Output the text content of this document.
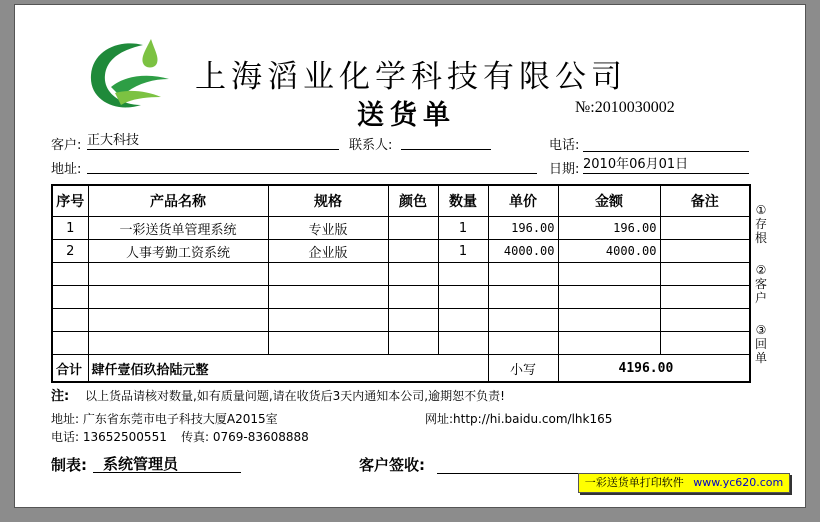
上海滔业化学科技有限公司
送货单	№:2010030002
客户: 正大科技	联系人:	电话:
地址:	日期: 2010年06月01日
序号	产品名称	规格	颜色	数量	单价	金额	备注
1	一彩送货单管理系统	专业版		1	196.00	196.00	
2	人事考勤工资系统	企业版		1	4000.00	4000.00	

合计	肆仟壹佰玖拾陆元整				小写	4196.00	
①
存根
②
客户
③
回单
注: 以上货品请核对数量,如有质量问题,请在收货后3天内通知本公司,逾期恕不负责!
地址: 广东省东莞市电子科技大厦A2015室	网址:http://hi.baidu.com/lhk165
电话: 13652500551 传真: 0769-83608888
制表:	系统管理员	客户签收:
一彩送货单打印软件 www.yc620.com
